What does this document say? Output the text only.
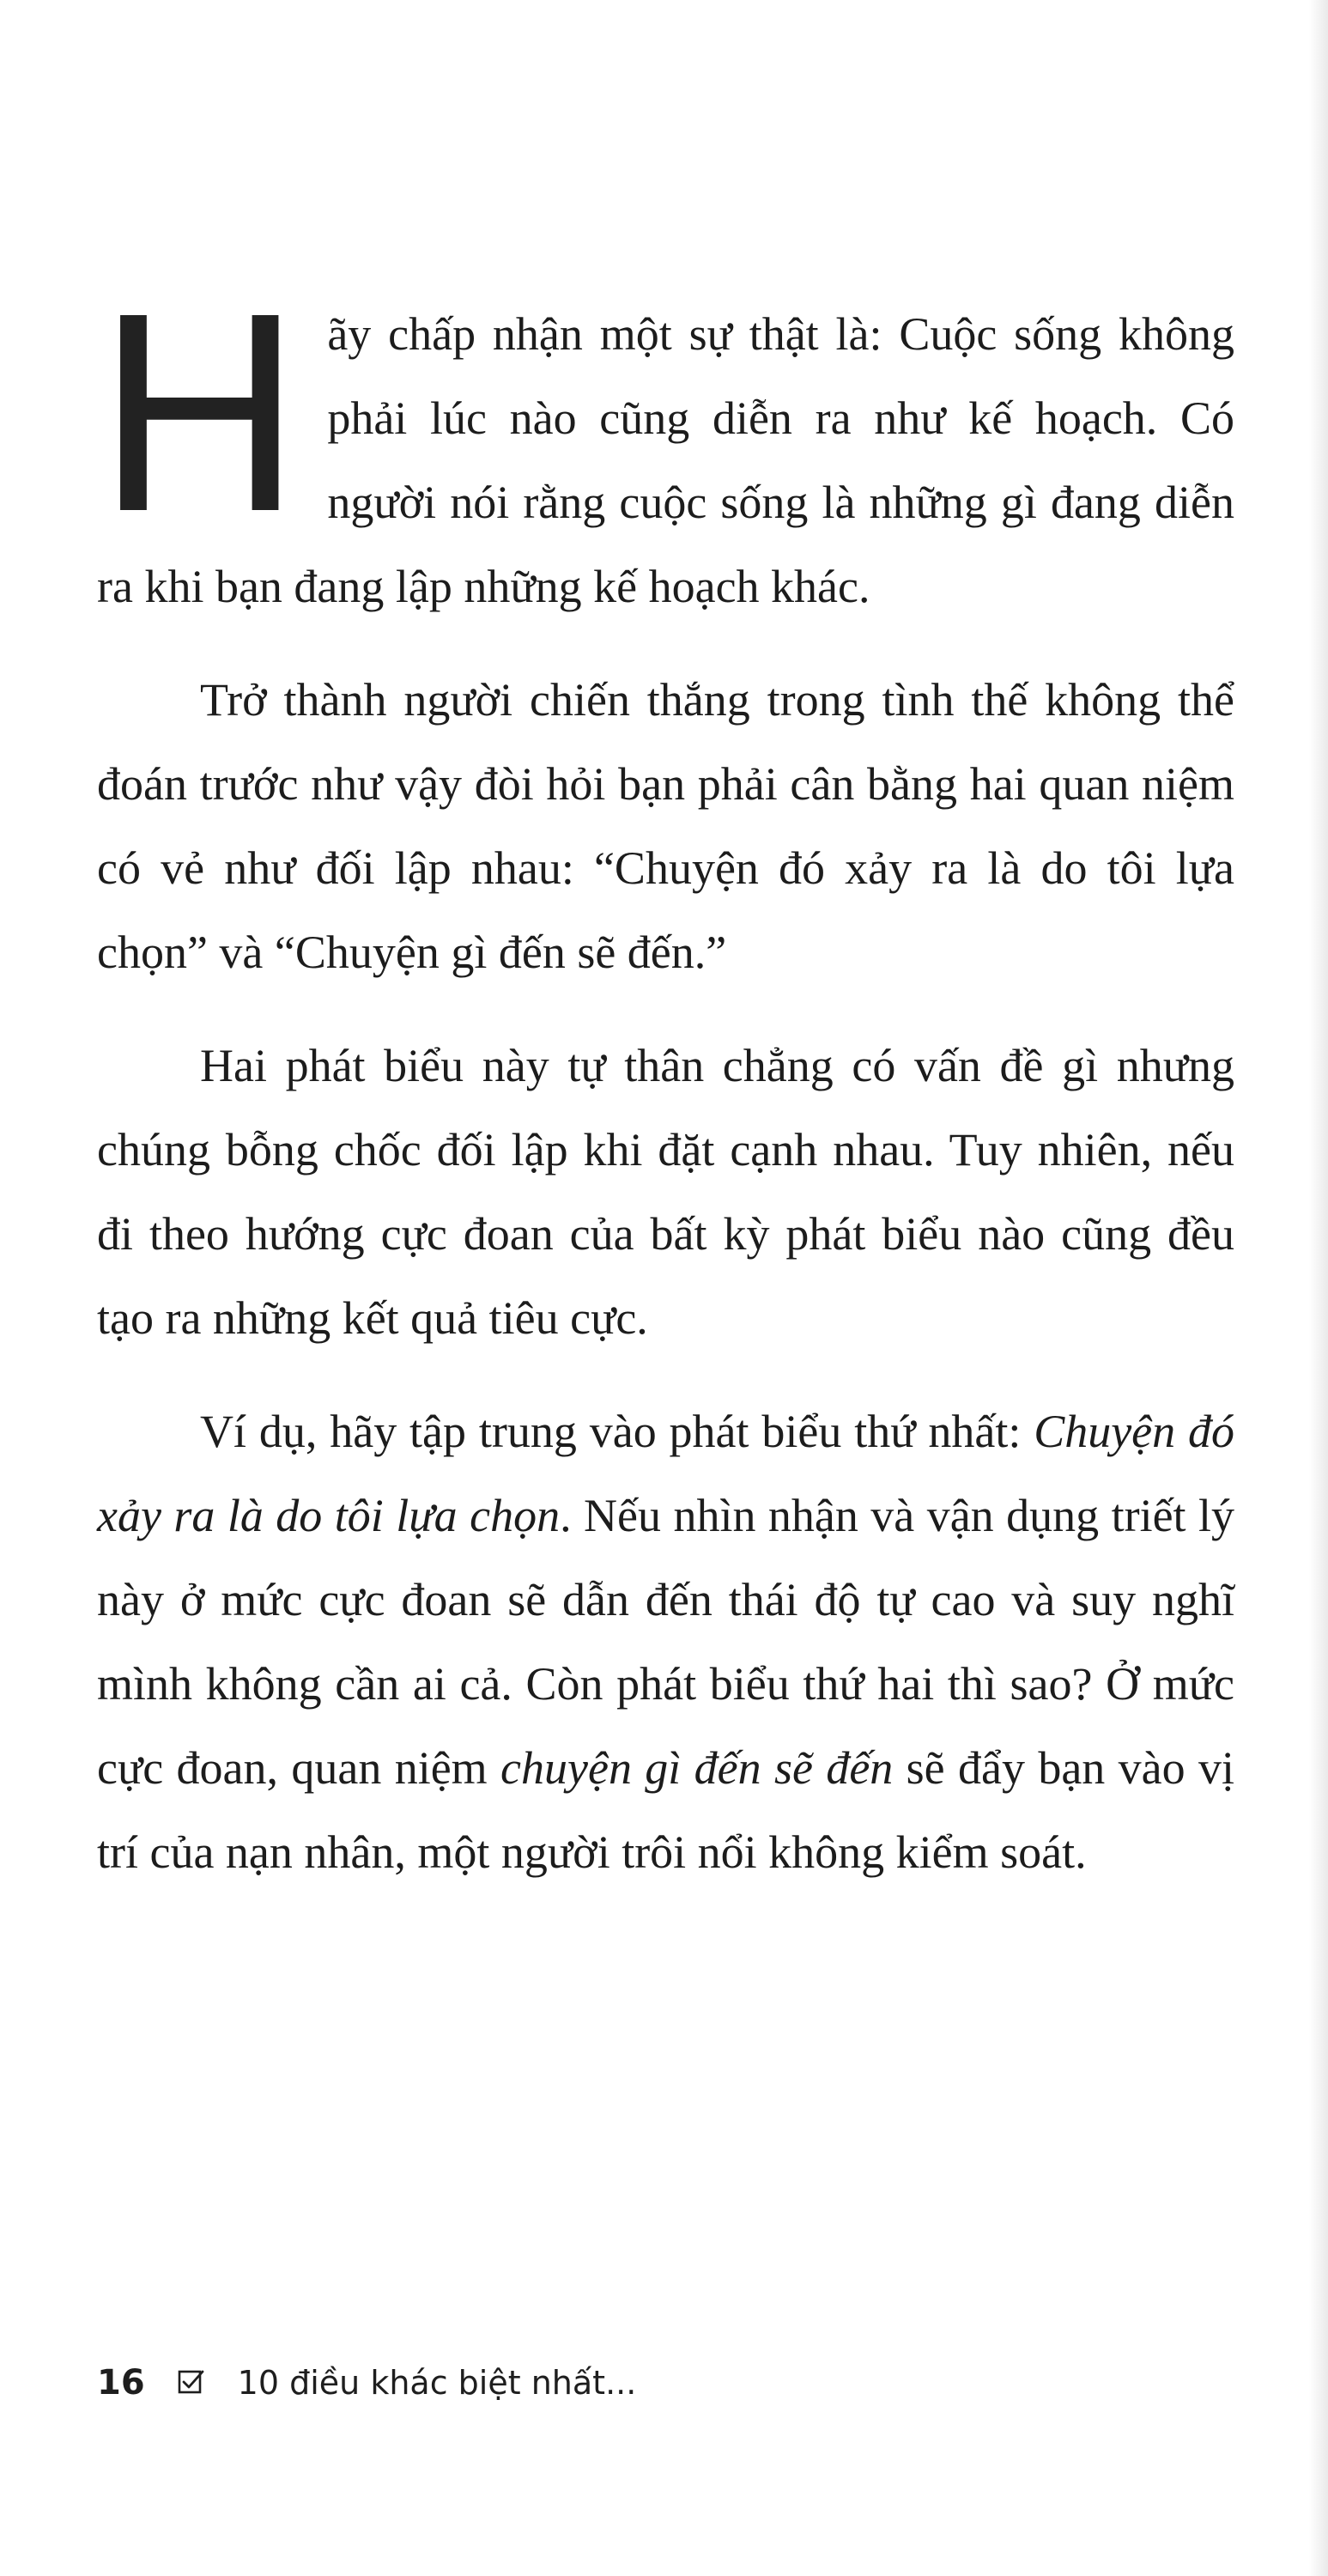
Hãy chấp nhận một sự thật là: Cuộc sống không phải lúc nào cũng diễn ra như kế hoạch. Có người nói rằng cuộc sống là những gì đang diễn ra khi bạn đang lập những kế hoạch khác.

Trở thành người chiến thắng trong tình thế không thể đoán trước như vậy đòi hỏi bạn phải cân bằng hai quan niệm có vẻ như đối lập nhau: “Chuyện đó xảy ra là do tôi lựa chọn” và “Chuyện gì đến sẽ đến.”

Hai phát biểu này tự thân chẳng có vấn đề gì nhưng chúng bỗng chốc đối lập khi đặt cạnh nhau. Tuy nhiên, nếu đi theo hướng cực đoan của bất kỳ phát biểu nào cũng đều tạo ra những kết quả tiêu cực.

Ví dụ, hãy tập trung vào phát biểu thứ nhất: Chuyện đó xảy ra là do tôi lựa chọn. Nếu nhìn nhận và vận dụng triết lý này ở mức cực đoan sẽ dẫn đến thái độ tự cao và suy nghĩ mình không cần ai cả. Còn phát biểu thứ hai thì sao? Ở mức cực đoan, quan niệm chuyện gì đến sẽ đến sẽ đẩy bạn vào vị trí của nạn nhân, một người trôi nổi không kiểm soát.

16	10 điều khác biệt nhất...
